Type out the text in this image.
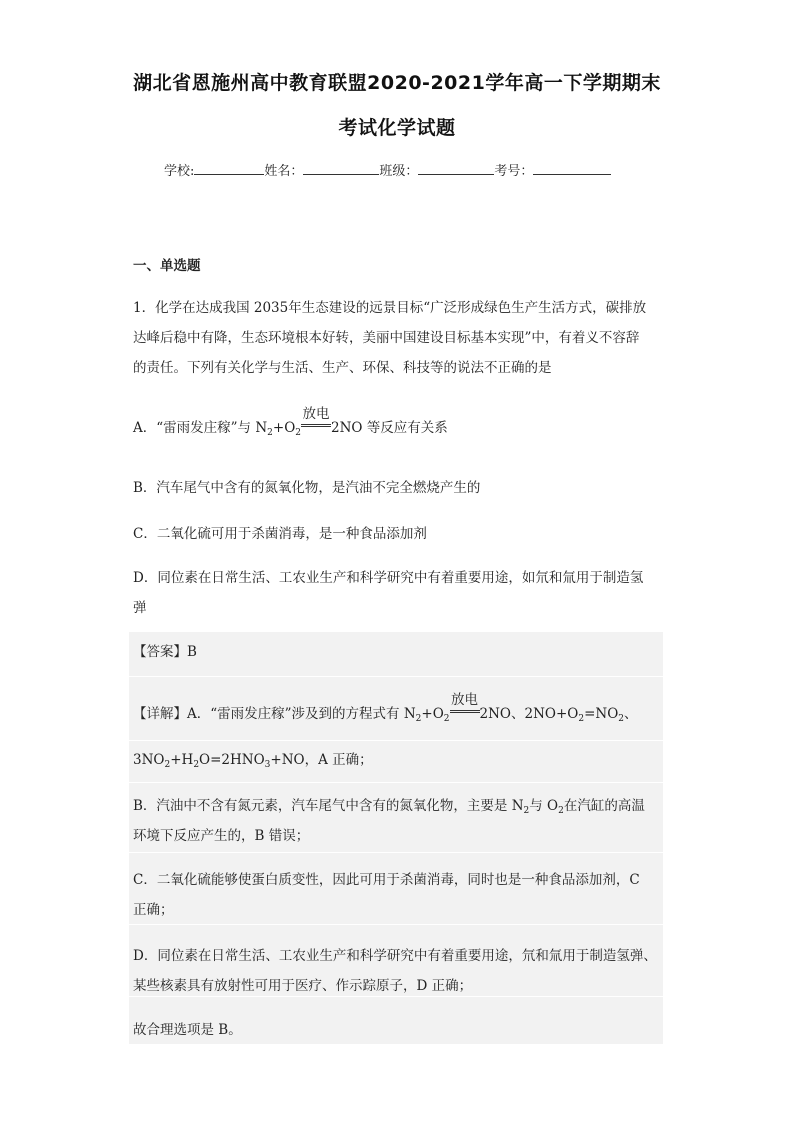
湖北省恩施州高中教育联盟2020-2021学年高一下学期期末
考试化学试题
学校:	姓名：	班级：	考号：
一、单选题
1．化学在达成我国 2035年生态建设的远景目标“广泛形成绿色生产生活方式，碳排放
达峰后稳中有降，生态环境根本好转，美丽中国建设目标基本实现”中，有着义不容辞
的责任。下列有关化学与生活、生产、环保、科技等的说法不正确的是
A．“雷雨发庄稼”与 $N_2+O_2$
放电
2NO 等反应有关系
B．汽车尾气中含有的氮氧化物，是汽油不完全燃烧产生的
C．二氧化硫可用于杀菌消毒，是一种食品添加剂
D．同位素在日常生活、工农业生产和科学研究中有着重要用途，如氘和氚用于制造氢
弹
【答案】B
【详解】A．“雷雨发庄稼”涉及到的方程式有 $N_2+O_2$
放电
2NO、$2NO+O_2=NO_2$、
$3NO_2+H_2O=2HNO_3+NO$，A 正确；
B．汽油中不含有氮元素，汽车尾气中含有的氮氧化物，主要是 $N_2$与 $O_2$在汽缸的高温
环境下反应产生的，B 错误；
C．二氧化硫能够使蛋白质变性，因此可用于杀菌消毒，同时也是一种食品添加剂，C
正确；
D．同位素在日常生活、工农业生产和科学研究中有着重要用途，氘和氚用于制造氢弹、
某些核素具有放射性可用于医疗、作示踪原子，D 正确；
故合理选项是 B。
